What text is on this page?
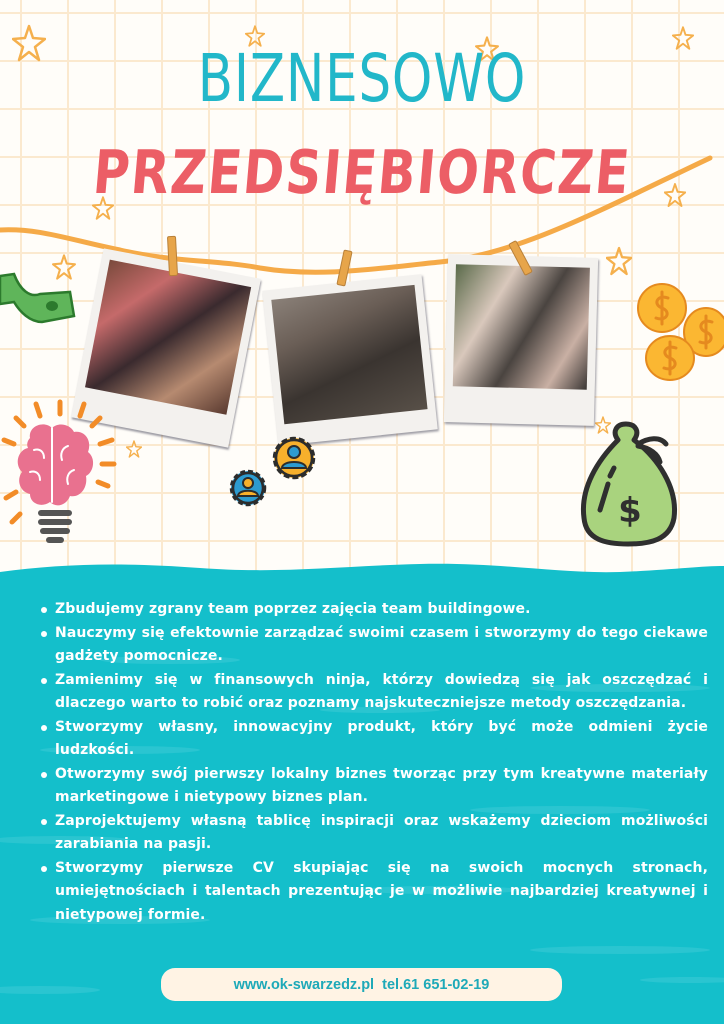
BIZNESOWO
PRZEDSIĘBIORCZE
$
Zbudujemy zgrany team poprzez zajęcia team buildingowe.
Nauczymy się efektownie zarządzać swoimi czasem i stworzymy do tego ciekawe gadżety pomocnicze.
Zamienimy się w finansowych ninja, którzy dowiedzą się jak oszczędzać i dlaczego warto to robić oraz poznamy najskuteczniejsze metody oszczędzania.
Stworzymy własny, innowacyjny produkt, który być może odmieni życie ludzkości.
Otworzymy swój pierwszy lokalny biznes tworząc przy tym kreatywne materiały marketingowe i nietypowy biznes plan.
Zaprojektujemy własną tablicę inspiracji oraz wskażemy dzieciom możliwości zarabiania na pasji.
Stworzymy pierwsze CV skupiając się na swoich mocnych stronach, umiejętnościach i talentach prezentując je w możliwie najbardziej kreatywnej i nietypowej formie.
www.ok-swarzedz.pl
tel.61 651-02-19
